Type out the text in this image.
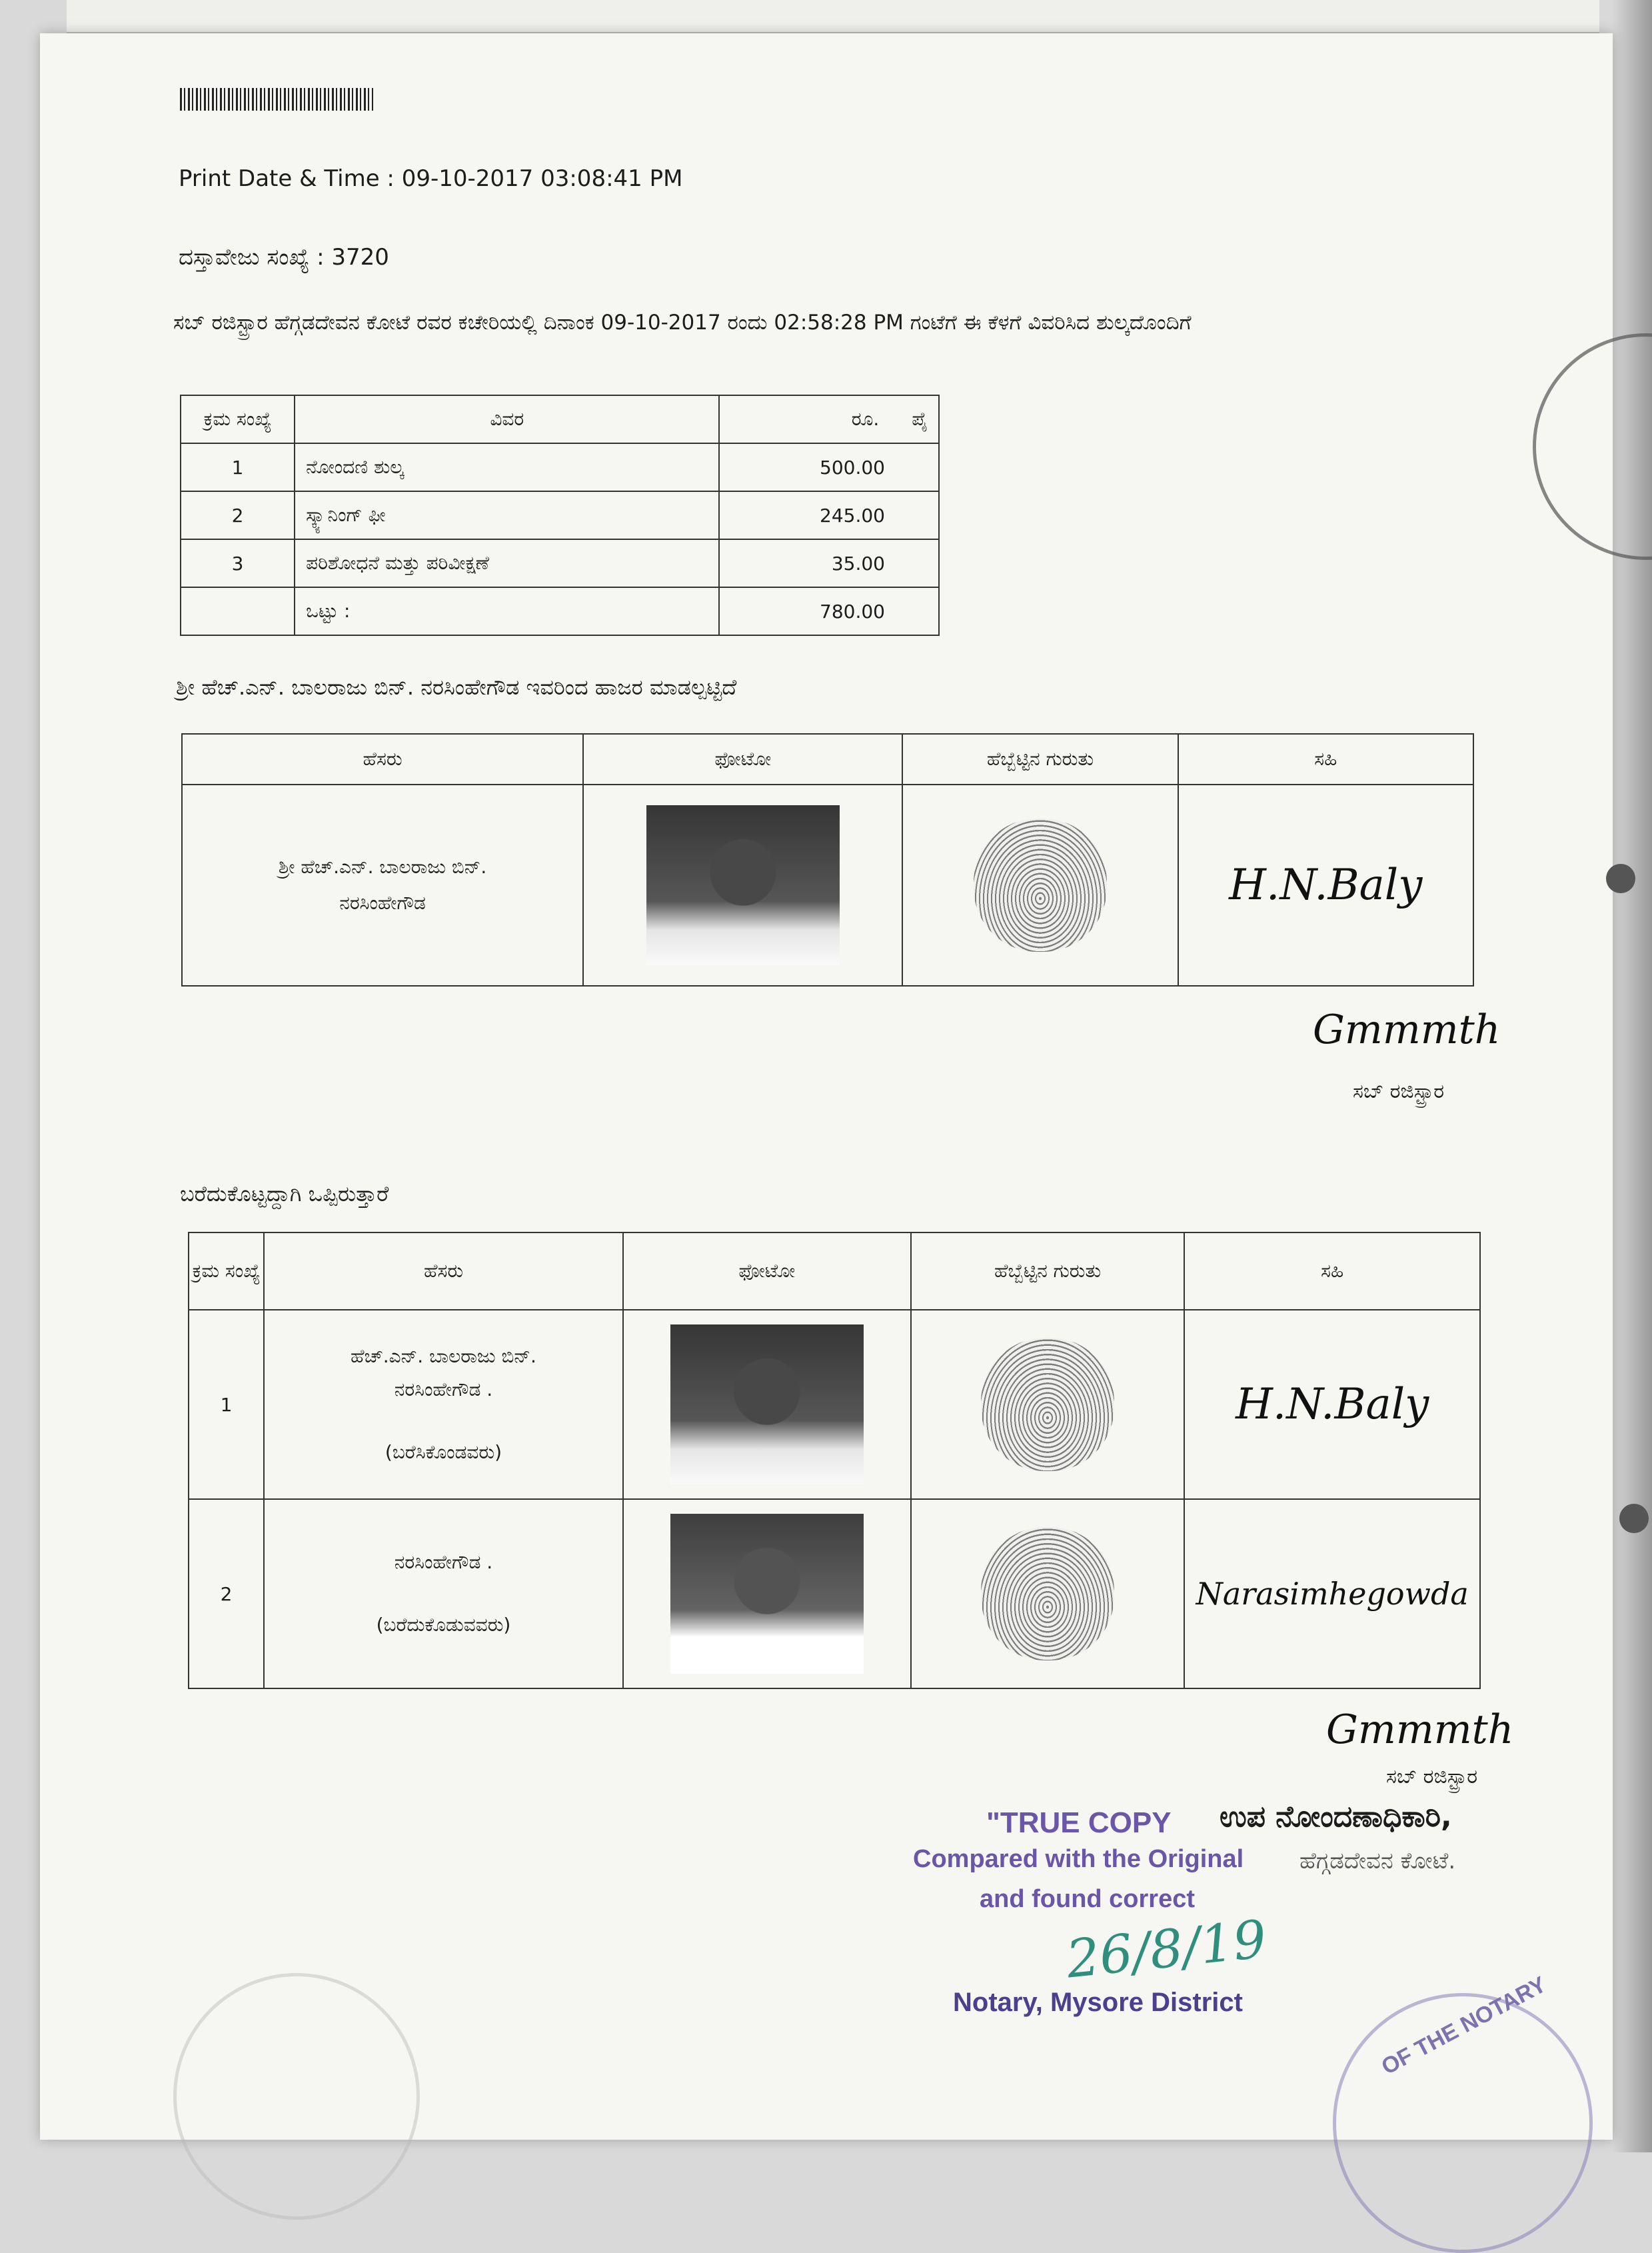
Print Date & Time : 09-10-2017 03:08:41 PM
ದಸ್ತಾವೇಜು ಸಂಖ್ಯೆ : 3720
ಸಬ್ ರಜಿಸ್ಟ್ರಾರ ಹೆಗ್ಗಡದೇವನ ಕೋಟೆ ರವರ ಕಚೇರಿಯಲ್ಲಿ ದಿನಾಂಕ 09-10-2017 ರಂದು 02:58:28 PM ಗಂಟೆಗೆ ಈ ಕೆಳಗೆ ವಿವರಿಸಿದ ಶುಲ್ಕದೊಂದಿಗೆ
ಕ್ರಮ ಸಂಖ್ಯೆ	ವಿವರ	ರೂ. ಪೈ
1	ನೋಂದಣಿ ಶುಲ್ಕ	500.00
2	ಸ್ಕ್ಯಾನಿಂಗ್ ಫೀ	245.00
3	ಪರಿಶೋಧನೆ ಮತ್ತು ಪರಿವೀಕ್ಷಣೆ	35.00
	ಒಟ್ಟು :	780.00
ಶ್ರೀ ಹೆಚ್.ಎನ್. ಬಾಲರಾಜು ಬಿನ್. ನರಸಿಂಹೇಗೌಡ ಇವರಿಂದ ಹಾಜರ ಮಾಡಲ್ಪಟ್ಟಿದೆ
ಹೆಸರು	ಫೋಟೋ	ಹೆಬ್ಬೆಟ್ಟಿನ ಗುರುತು	ಸಹಿ

ಶ್ರೀ ಹೆಚ್.ಎನ್. ಬಾಲರಾಜು ಬಿನ್.
ನರಸಿಂಹೇಗೌಡ			H.N.Baly
Gmmmth
ಸಬ್ ರಜಿಸ್ಟ್ರಾರ
ಬರೆದುಕೊಟ್ಟದ್ದಾಗಿ ಒಪ್ಪಿರುತ್ತಾರೆ
ಕ್ರಮ ಸಂಖ್ಯೆ	ಹೆಸರು	ಫೋಟೋ	ಹೆಬ್ಬೆಟ್ಟಿನ ಗುರುತು	ಸಹಿ
1	ಹೆಚ್.ಎನ್. ಬಾಲರಾಜು ಬಿನ್.
ನರಸಿಂಹೇಗೌಡ .
(ಬರೆಸಿಕೊಂಡವರು)			H.N.Baly

2	ನರಸಿಂಹೇಗೌಡ .
(ಬರೆದುಕೊಡುವವರು)			Narasimhegowda
Gmmmth
ಸಬ್ ರಜಿಸ್ಟ್ರಾರ
"TRUE COPY ಉಪ ನೋಂದಣಾಧಿಕಾರಿ,
Compared with the Original ಹೆಗ್ಗಡದೇವನ ಕೋಟೆ.
and found correct
26/8/19
Notary, Mysore District	OF THE NOTARY
